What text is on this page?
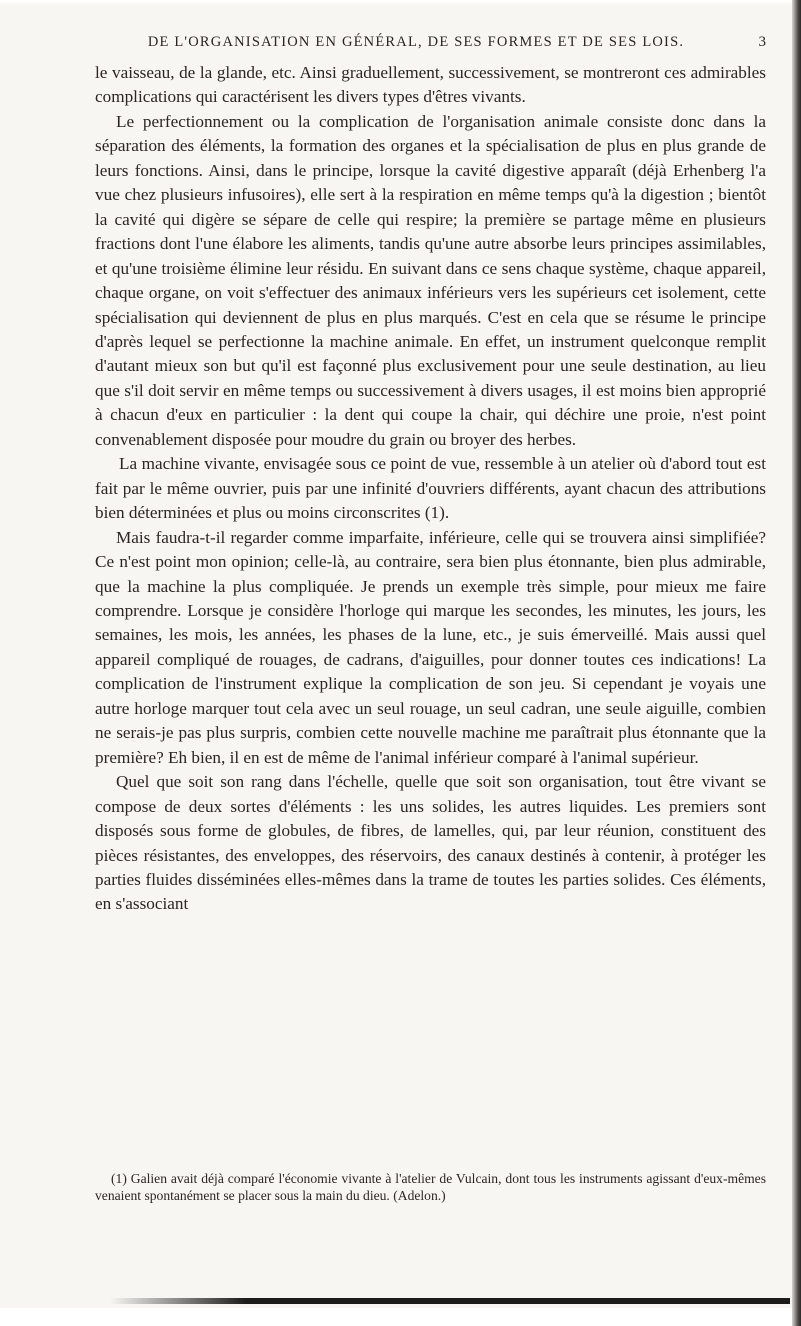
DE L'ORGANISATION EN GÉNÉRAL, DE SES FORMES ET DE SES LOIS.	3

le vaisseau, de la glande, etc. Ainsi graduellement, successivement, se montreront ces admirables complications qui caractérisent les divers types d'êtres vivants.

Le perfectionnement ou la complication de l'organisation animale consiste donc dans la séparation des éléments, la formation des organes et la spécialisation de plus en plus grande de leurs fonctions. Ainsi, dans le principe, lorsque la cavité digestive apparaît (déjà Erhenberg l'a vue chez plusieurs infusoires), elle sert à la respiration en même temps qu'à la digestion ; bientôt la cavité qui digère se sépare de celle qui respire; la première se partage même en plusieurs fractions dont l'une élabore les aliments, tandis qu'une autre absorbe leurs principes assimilables, et qu'une troisième élimine leur résidu. En suivant dans ce sens chaque système, chaque appareil, chaque organe, on voit s'effectuer des animaux inférieurs vers les supérieurs cet isolement, cette spécialisation qui deviennent de plus en plus marqués. C'est en cela que se résume le principe d'après lequel se perfectionne la machine animale. En effet, un instrument quelconque remplit d'autant mieux son but qu'il est façonné plus exclusivement pour une seule destination, au lieu que s'il doit servir en même temps ou successivement à divers usages, il est moins bien approprié à chacun d'eux en particulier : la dent qui coupe la chair, qui déchire une proie, n'est point convenablement disposée pour moudre du grain ou broyer des herbes.

La machine vivante, envisagée sous ce point de vue, ressemble à un atelier où d'abord tout est fait par le même ouvrier, puis par une infinité d'ouvriers différents, ayant chacun des attributions bien déterminées et plus ou moins circonscrites (1).

Mais faudra-t-il regarder comme imparfaite, inférieure, celle qui se trouvera ainsi simplifiée? Ce n'est point mon opinion; celle-là, au contraire, sera bien plus étonnante, bien plus admirable, que la machine la plus compliquée. Je prends un exemple très simple, pour mieux me faire comprendre. Lorsque je considère l'horloge qui marque les secondes, les minutes, les jours, les semaines, les mois, les années, les phases de la lune, etc., je suis émerveillé. Mais aussi quel appareil compliqué de rouages, de cadrans, d'aiguilles, pour donner toutes ces indications! La complication de l'instrument explique la complication de son jeu. Si cependant je voyais une autre horloge marquer tout cela avec un seul rouage, un seul cadran, une seule aiguille, combien ne serais-je pas plus surpris, combien cette nouvelle machine me paraîtrait plus étonnante que la première? Eh bien, il en est de même de l'animal inférieur comparé à l'animal supérieur.

Quel que soit son rang dans l'échelle, quelle que soit son organisation, tout être vivant se compose de deux sortes d'éléments : les uns solides, les autres liquides. Les premiers sont disposés sous forme de globules, de fibres, de lamelles, qui, par leur réunion, constituent des pièces résistantes, des enveloppes, des réservoirs, des canaux destinés à contenir, à protéger les parties fluides disséminées elles-mêmes dans la trame de toutes les parties solides. Ces éléments, en s'associant

(1) Galien avait déjà comparé l'économie vivante à l'atelier de Vulcain, dont tous les instruments agissant d'eux-mêmes venaient spontanément se placer sous la main du dieu. (Adelon.)
